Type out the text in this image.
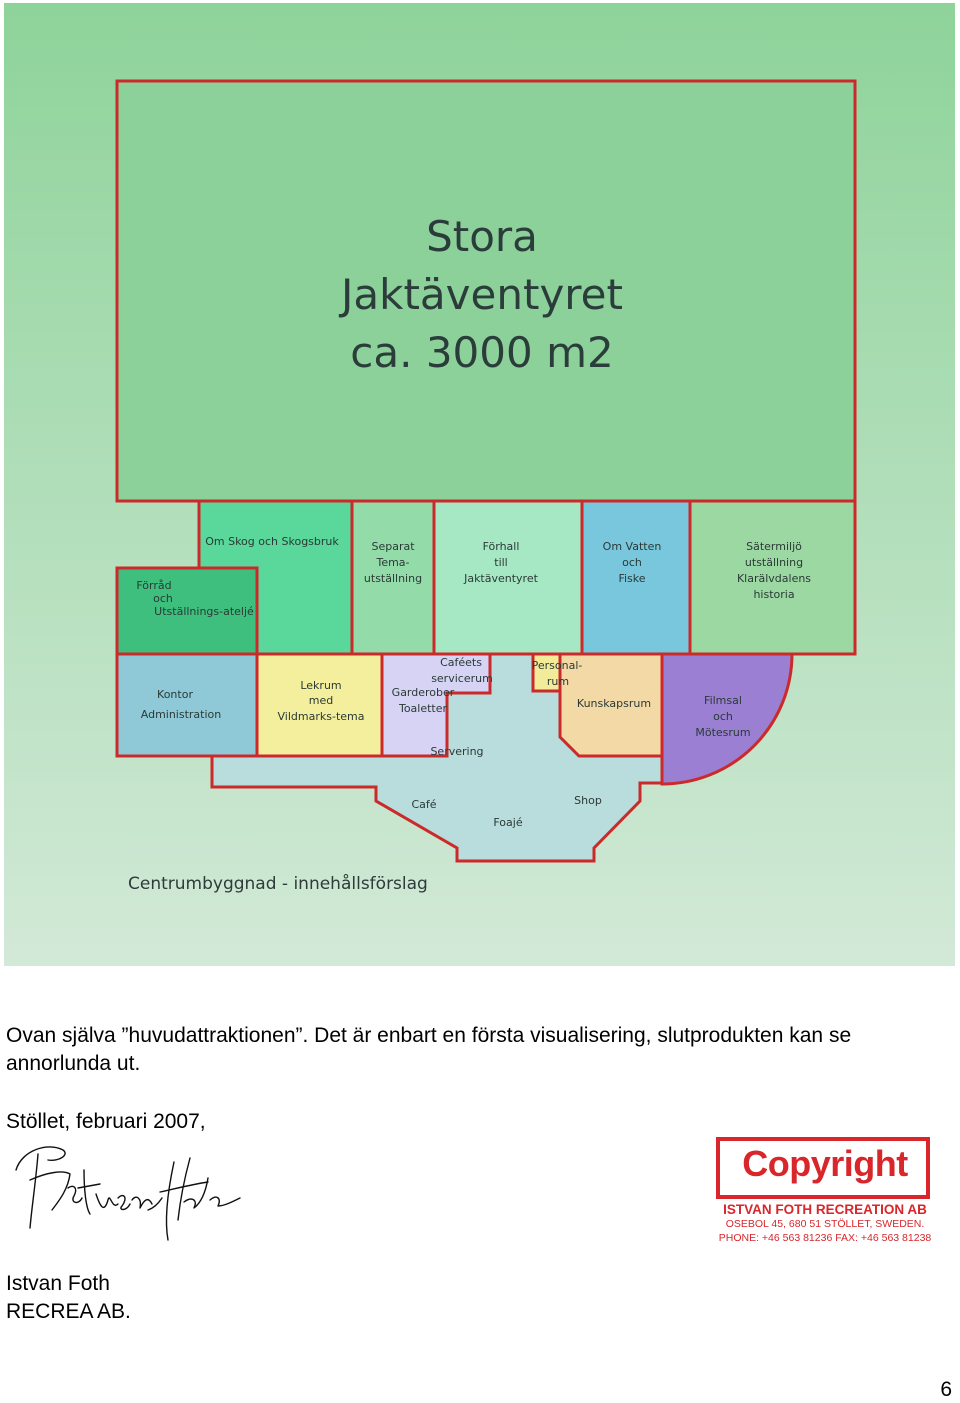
Stora
Jaktäventyret
ca. 3000 m2
Om Skog och Skogsbruk
Förråd
och
Utställnings-ateljé
Separat
Tema-
utställning
Förhall
till
Jaktäventyret
Om Vatten
och
Fiske
Sätermiljö
utställning
Klarälvdalens
historia
Kontor
Administration
Lekrum
med
Vildmarks-tema
Garderober
Toaletter
Caféets
servicerum
Personal-
rum
Kunskapsrum	Filmsal
och
Mötesrum
Servering
Café	Shop
Foajé
Centrumbyggnad - innehållsförslag

Ovan själva ”huvudattraktionen”. Det är enbart en första visualisering, slutprodukten kan se annorlunda ut.

Stöllet, februari 2007,

Istvan Foth

RECREA AB.

Copyright
ISTVAN FOTH RECREATION AB
OSEBOL 45, 680 51 STÖLLET, SWEDEN.
PHONE: +46 563 81236 FAX: +46 563 81238
6
